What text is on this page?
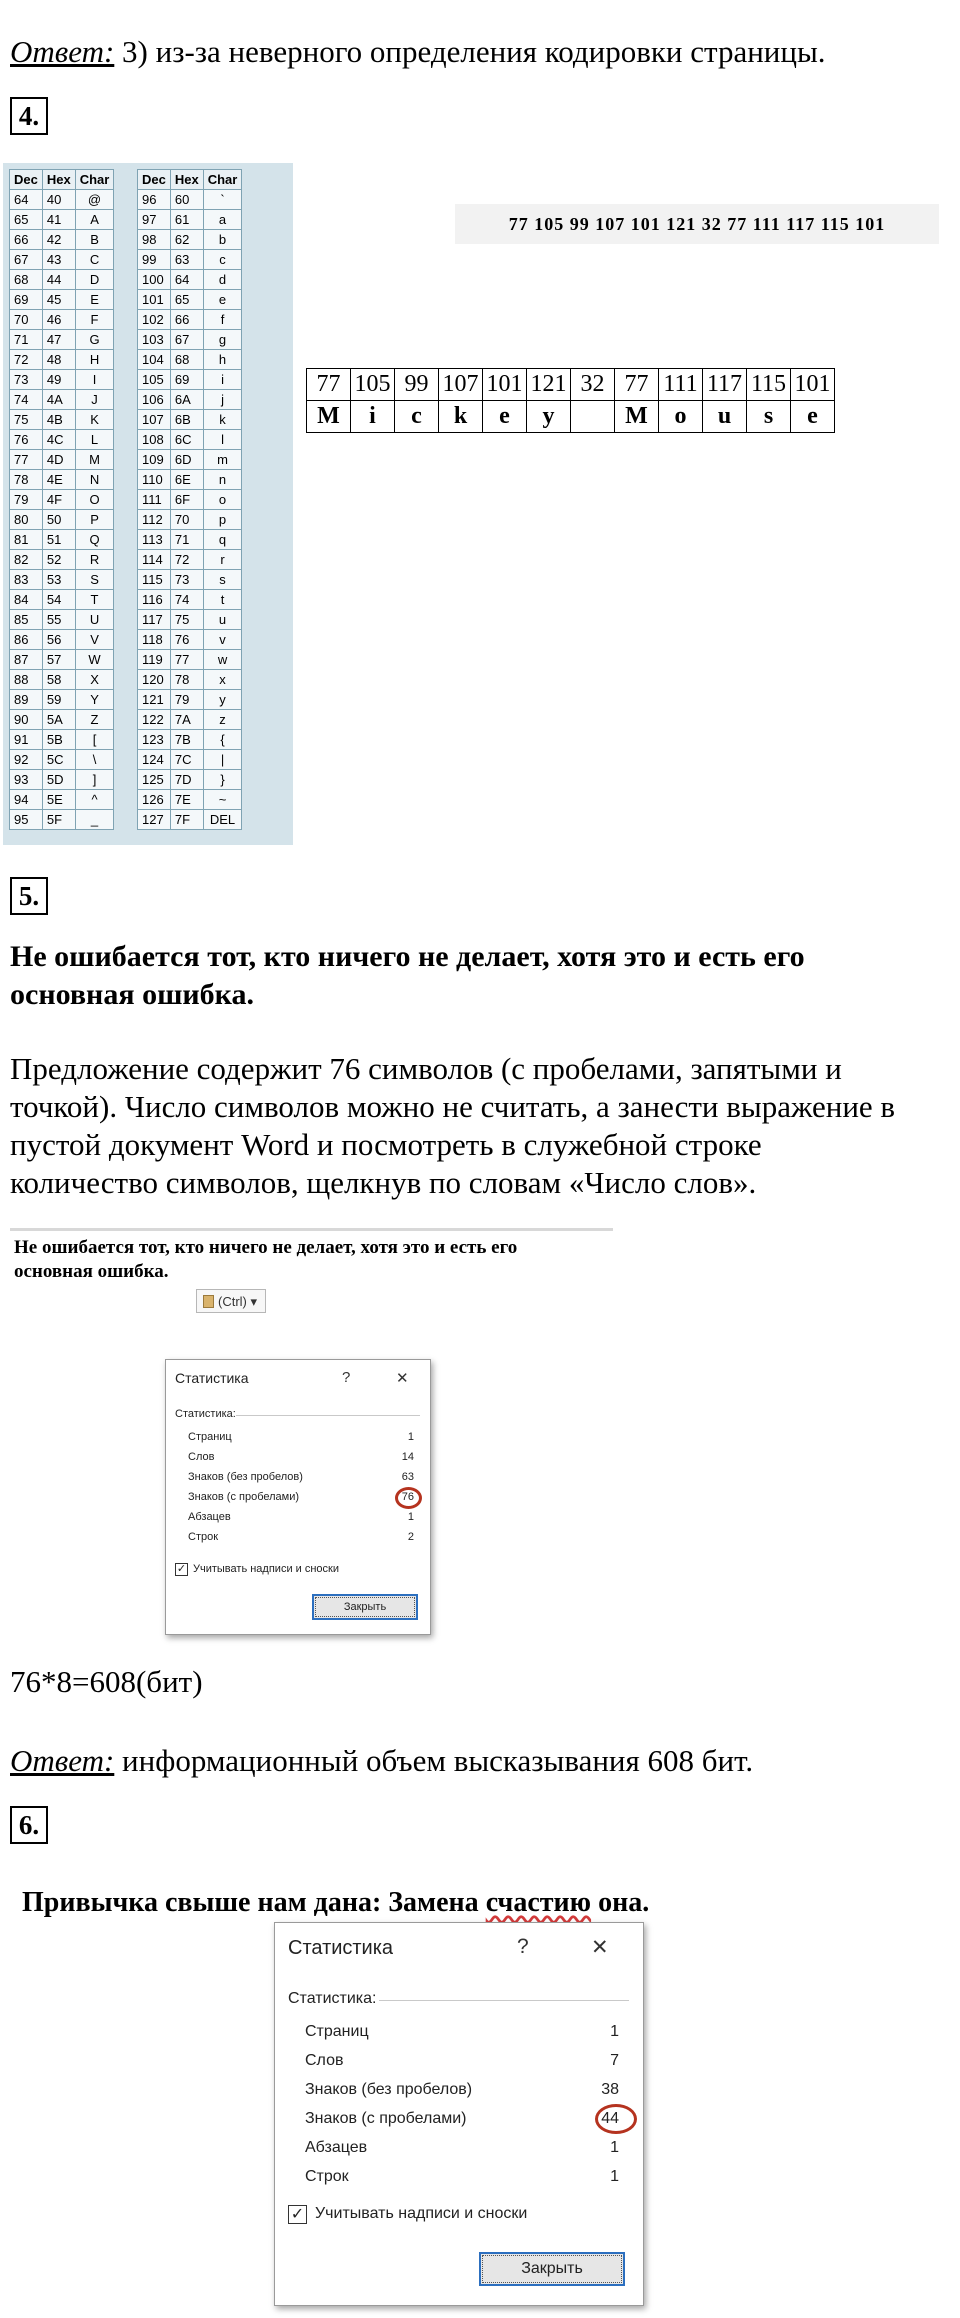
Ответ: 3) из-за неверного определения кодировки страницы.
4.
Dec	Hex	Char
64	40	@
65	41	A
66	42	B
67	43	C
68	44	D
69	45	E
70	46	F
71	47	G
72	48	H
73	49	I
74	4A	J
75	4B	K
76	4C	L
77	4D	M
78	4E	N
79	4F	O
80	50	P
81	51	Q
82	52	R
83	53	S
84	54	T
85	55	U
86	56	V
87	57	W
88	58	X
89	59	Y
90	5A	Z
91	5B	[
92	5C	\
93	5D	]
94	5E	^
95	5F	_
Dec	Hex	Char
96	60	`
97	61	a
98	62	b
99	63	c
100	64	d
101	65	e
102	66	f
103	67	g
104	68	h
105	69	i
106	6A	j
107	6B	k
108	6C	l
109	6D	m
110	6E	n
111	6F	o
112	70	p
113	71	q
114	72	r
115	73	s
116	74	t
117	75	u
118	76	v
119	77	w
120	78	x
121	79	y
122	7A	z
123	7B	{
124	7C	|
125	7D	}
126	7E	~
127	7F	DEL
77 105 99 107 101 121 32 77 111 117 115 101
77	105	99	107	101	121	32	77	111	117	115	101
M	i	c	k	e	y		M	o	u	s	e
5.
Не ошибается тот, кто ничего не делает, хотя это и есть его
основная ошибка.
Предложение содержит 76 символов (с пробелами, запятыми и
точкой). Число символов можно не считать, а занести выражение в
пустой документ Word и посмотреть в служебной строке
количество символов, щелкнув по словам «Число слов».
Не ошибается тот, кто ничего не делает, хотя это и есть его
основная ошибка.
(Ctrl) ▾
Статистика	?	✕
Статистика:
Страниц	1
Слов	14
Знаков (без пробелов)	63
Знаков (с пробелами)	76
Абзацев	1
Строк	2
✓ Учитывать надписи и сноски
Закрыть
76*8=608(бит)
Ответ: информационный объем высказывания 608 бит.
6.
Привычка свыше нам дана: Замена счастию она.
Статистика	?	✕
Статистика:
Страниц	1
Слов	7
Знаков (без пробелов)	38
Знаков (с пробелами)	44
Абзацев	1
Строк	1
✓ Учитывать надписи и сноски
Закрыть
